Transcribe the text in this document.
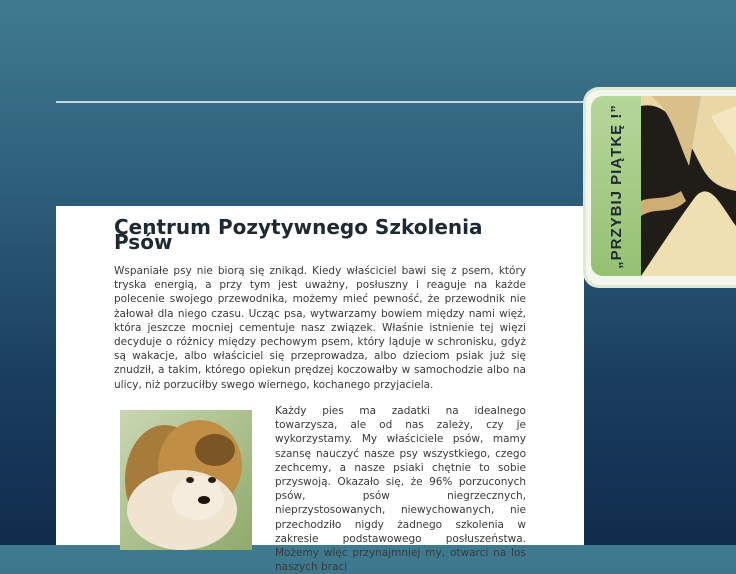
Centrum Pozytywnego Szkolenia Psów

Wspaniałe psy nie biorą się znikąd. Kiedy właściciel bawi się z psem, który tryska energią, a przy tym jest uważny, posłuszny i reaguje na każde polecenie swojego przewodnika, możemy mieć pewność, że przewodnik nie żałował dla niego czasu. Ucząc psa, wytwarzamy bowiem między nami więź, która jeszcze mocniej cementuje nasz związek. Właśnie istnienie tej więzi decyduje o różnicy między pechowym psem, który ląduje w schronisku, gdyż są wakacje, albo właściciel się przeprowadza, albo dzieciom psiak już się znudził, a takim, którego opiekun prędzej koczowałby w samochodzie albo na ulicy, niż porzuciłby swego wiernego, kochanego przyjaciela.

Każdy pies ma zadatki na idealnego towarzysza, ale od nas zależy, czy je wykorzystamy. My właściciele psów, mamy szansę nauczyć nasze psy wszystkiego, czego zechcemy, a nasze psiaki chętnie to sobie przyswoją. Okazało się, że 96% porzuconych psów, psów niegrzecznych, nieprzystosowanych, niewychowanych, nie przechodziło nigdy żadnego szkolenia w zakresie podstawowego posłuszeństwa. Możemy więc przynajmniej my, otwarci na los naszych braci

„PRZYBIJ PIĄTKĘ !”
